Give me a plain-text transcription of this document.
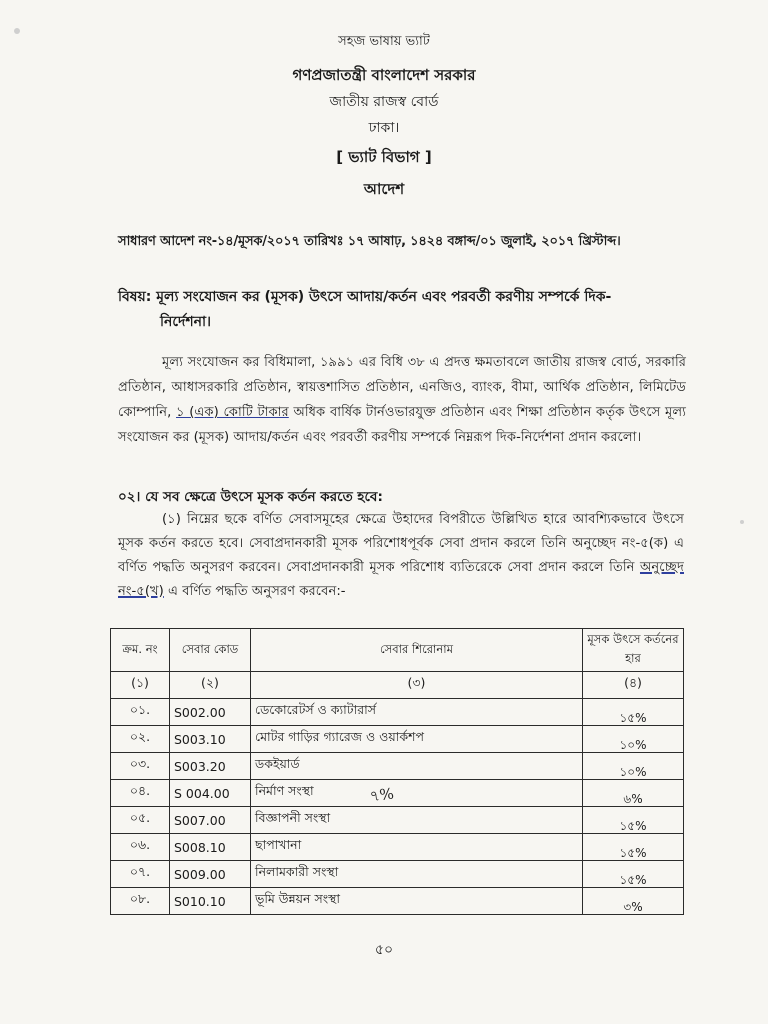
সহজ ভাষায় ভ্যাট
গণপ্রজাতন্ত্রী বাংলাদেশ সরকার
জাতীয় রাজস্ব বোর্ড
ঢাকা।
[ ভ্যাট বিভাগ ]
আদেশ
সাধারণ আদেশ নং-১৪/মূসক/২০১৭ তারিখঃ ১৭ আষাঢ়, ১৪২৪ বঙ্গাব্দ/০১ জুলাই, ২০১৭ খ্রিস্টাব্দ।
বিষয়: মূল্য সংযোজন কর (মূসক) উৎসে আদায়/কর্তন এবং পরবর্তী করণীয় সম্পর্কে দিক-
নির্দেশনা।
মূল্য সংযোজন কর বিধিমালা, ১৯৯১ এর বিধি ৩৮ এ প্রদত্ত ক্ষমতাবলে জাতীয় রাজস্ব বোর্ড, সরকারি প্রতিষ্ঠান, আধাসরকারি প্রতিষ্ঠান, স্বায়ত্তশাসিত প্রতিষ্ঠান, এনজিও, ব্যাংক, বীমা, আর্থিক প্রতিষ্ঠান, লিমিটেড কোম্পানি, ১ (এক) কোটি টাকার অধিক বার্ষিক টার্নওভারযুক্ত প্রতিষ্ঠান এবং শিক্ষা প্রতিষ্ঠান কর্তৃক উৎসে মূল্য সংযোজন কর (মূসক) আদায়/কর্তন এবং পরবর্তী করণীয় সম্পর্কে নিম্নরূপ দিক-নির্দেশনা প্রদান করলো।
০২। যে সব ক্ষেত্রে উৎসে মূসক কর্তন করতে হবে:
(১) নিম্নের ছকে বর্ণিত সেবাসমূহের ক্ষেত্রে উহাদের বিপরীতে উল্লিখিত হারে আবশ্যিকভাবে উৎসে মূসক কর্তন করতে হবে। সেবাপ্রদানকারী মূসক পরিশোধপূর্বক সেবা প্রদান করলে তিনি অনুচ্ছেদ নং-৫(ক) এ বর্ণিত পদ্ধতি অনুসরণ করবেন। সেবাপ্রদানকারী মূসক পরিশোধ ব্যতিরেকে সেবা প্রদান করলে তিনি অনুচ্ছেদ নং-৫(খ) এ বর্ণিত পদ্ধতি অনুসরণ করবেন:-
ক্রম. নং	সেবার কোড	সেবার শিরোনাম	মূসক উৎসে কর্তনের হার
(১)	(২)	(৩)	(৪)
০১.	S002.00	ডেকোরেটর্স ও ক্যাটারার্স	১৫%
০২.	S003.10	মোটর গাড়ির গ্যারেজ ও ওয়ার্কশপ	১০%
০৩.	S003.20	ডকইয়ার্ড	১০%
০৪.	S 004.00	নির্মাণ সংস্থা	৬%
০৫.	S007.00	বিজ্ঞাপনী সংস্থা	১৫%
০৬.	S008.10	ছাপাখানা	১৫%
০৭.	S009.00	নিলামকারী সংস্থা	১৫%
০৮.	S010.10	ভূমি উন্নয়ন সংস্থা	৩%
৭%
৫০
